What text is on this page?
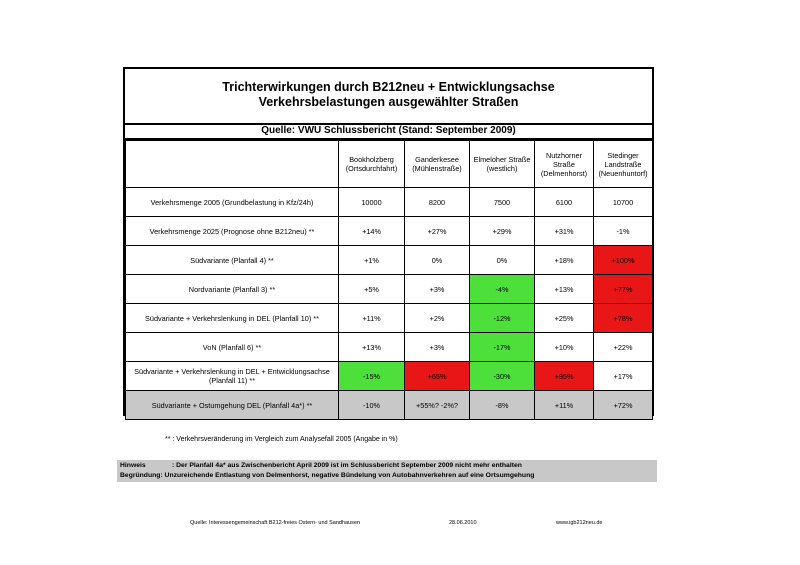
Trichterwirkungen durch B212neu + Entwicklungsachse
Verkehrsbelastungen ausgewählter Straßen
Quelle: VWU Schlussbericht (Stand: September 2009)
	Bookholzberg (Ortsdurchfahrt)	Ganderkesee (Mühlenstraße)	Elmeloher Straße (westlich)	Nutzhorner Straße (Delmenhorst)	Stedinger Landstraße (Neuenhuntorf)
Verkehrsmenge 2005 (Grundbelastung in Kfz/24h)	10000	8200	7500	6100	10700
Verkehrsmenge 2025 (Prognose ohne B212neu) **	+14%	+27%	+29%	+31%	-1%
Südvariante (Planfall 4) **	+1%	0%	0%	+18%	+100%
Nordvariante (Planfall 3) **	+5%	+3%	-4%	+13%	+77%
Südvariante + Verkehrslenkung in DEL (Planfall 10) **	+11%	+2%	-12%	+25%	+78%
VoN (Planfall 6) **	+13%	+3%	-17%	+10%	+22%
Südvariante + Verkehrslenkung in DEL + Entwicklungsachse (Planfall 11) **	-15%	+65%	-30%	+95%	+17%
Südvariante + Ostumgehung DEL (Planfall 4a*) **	-10%	+55%? -2%?	-8%	+11%	+72%
** : Verkehrsveränderung im Vergleich zum Analysefall 2005 (Angabe in %)
Hinweis	: Der Planfall 4a* aus Zwischenbericht April 2009 ist im Schlussbericht September 2009 nicht mehr enthalten
Begründung: Unzureichende Entlastung von Delmenhorst, negative Bündelung von Autobahnverkehren auf eine Ortsumgehung
Quelle: Interessengemeinschaft B212-freies Ostern- und Sandhausen	28.06.2010	www.igb212neu.de
